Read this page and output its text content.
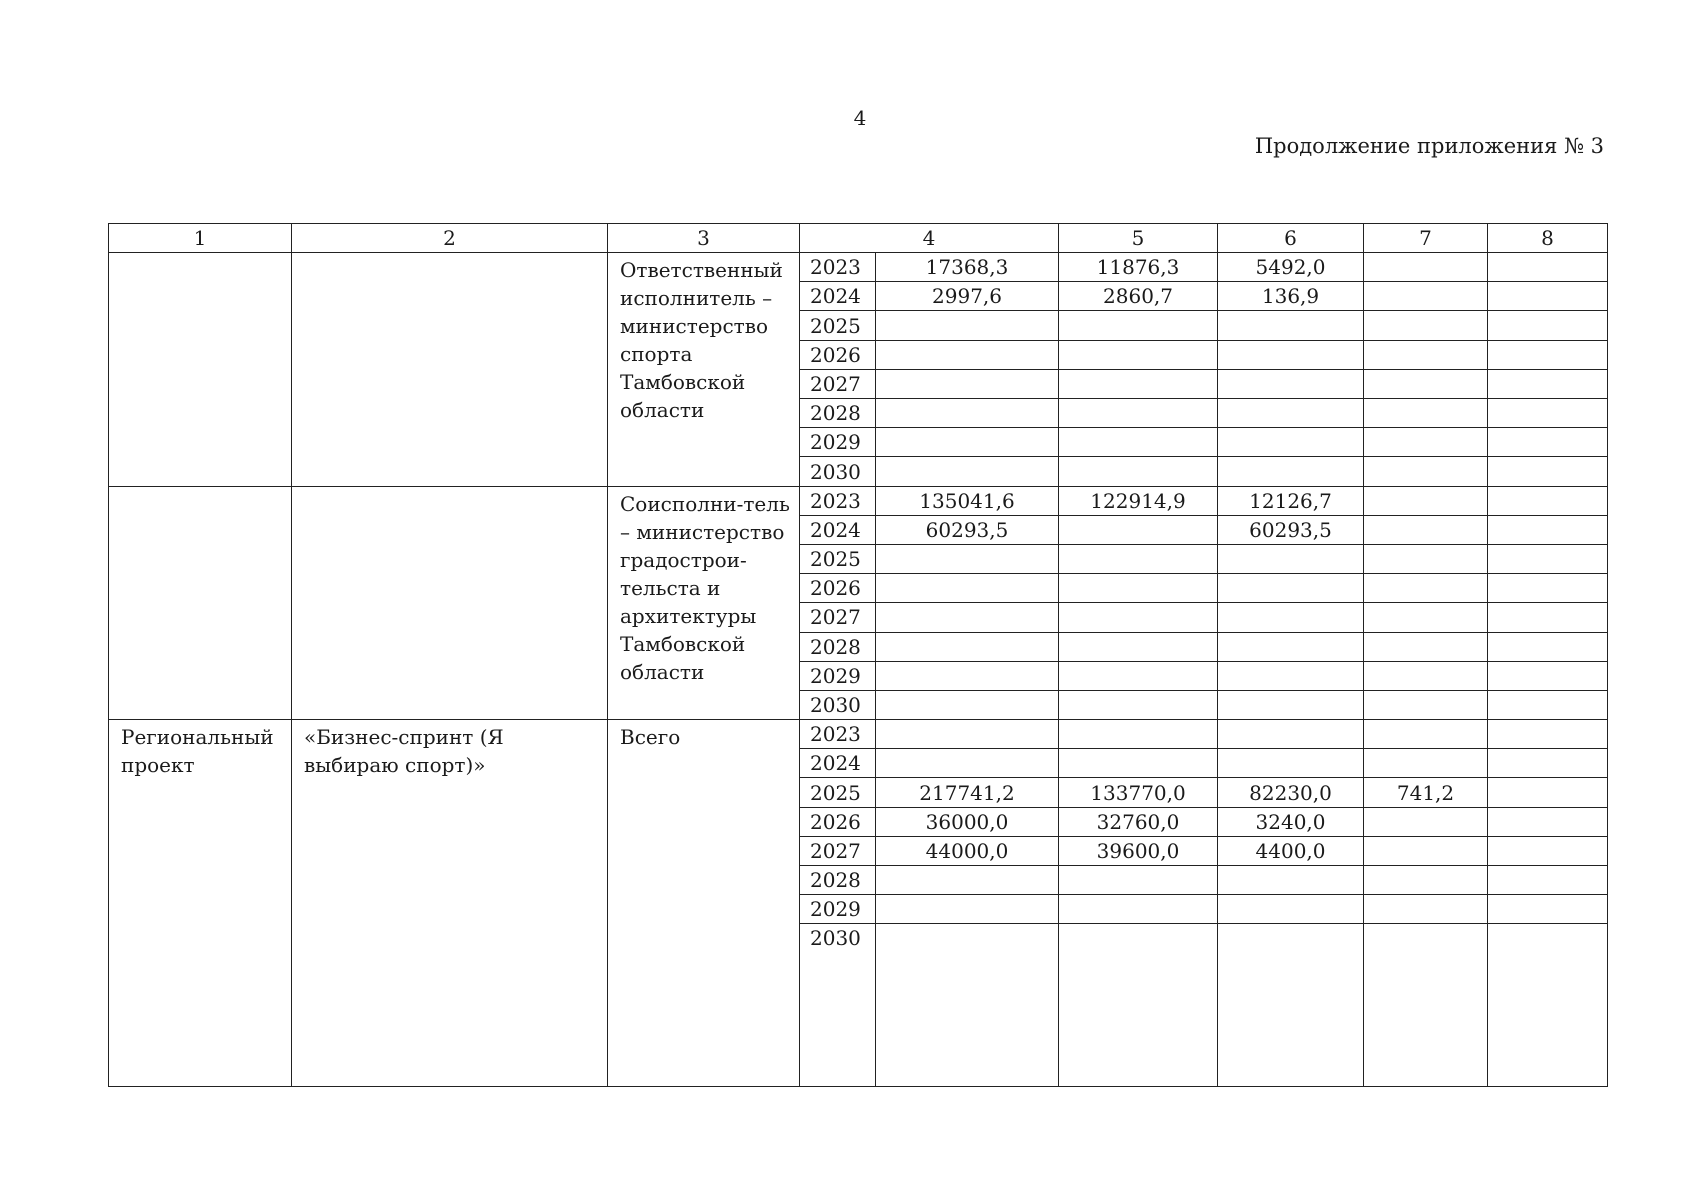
4
Продолжение приложения № 3
1	2	3	4		5	6	7	8
		Ответственный исполнитель – министерство спорта Тамбовской области	2023	17368,3	11876,3	5492,0		
			2024	2997,6	2860,7	136,9		
			2025					
			2026					
			2027					
			2028					
			2029					
			2030					
		Соисполни-тель – министерство градострои-тельста и архитектуры Тамбовской области	2023	135041,6	122914,9	12126,7		
			2024	60293,5		60293,5		
			2025					
			2026					
			2027					
			2028					
			2029					
			2030					
Региональный проект	«Бизнес-спринт (Я выбираю спорт)»	Всего	2023					
			2024					
			2025	217741,2	133770,0	82230,0	741,2	
			2026	36000,0	32760,0	3240,0		
			2027	44000,0	39600,0	4400,0		
			2028					
			2029					
			2030					
